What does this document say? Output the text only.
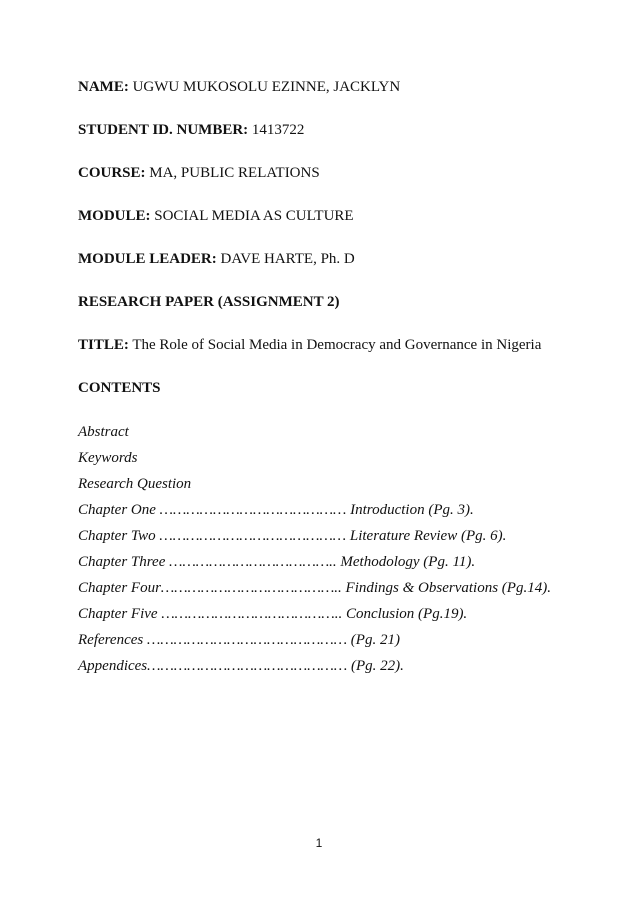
NAME: UGWU MUKOSOLU EZINNE, JACKLYN
STUDENT ID. NUMBER: 1413722
COURSE: MA, PUBLIC RELATIONS
MODULE: SOCIAL MEDIA AS CULTURE
MODULE LEADER: DAVE HARTE, Ph. D
RESEARCH PAPER (ASSIGNMENT 2)
TITLE: The Role of Social Media in Democracy and Governance in Nigeria
CONTENTS
Abstract
Keywords
Research Question
Chapter One …………………………………… Introduction (Pg. 3).
Chapter Two …………………………………… Literature Review (Pg. 6).
Chapter Three ……………………………….. Methodology (Pg. 11).
Chapter Four………………………………….. Findings & Observations (Pg.14).
Chapter Five ………………………………….. Conclusion (Pg.19).
References ……………………………………… (Pg. 21)
Appendices……………………………………… (Pg. 22).
1
